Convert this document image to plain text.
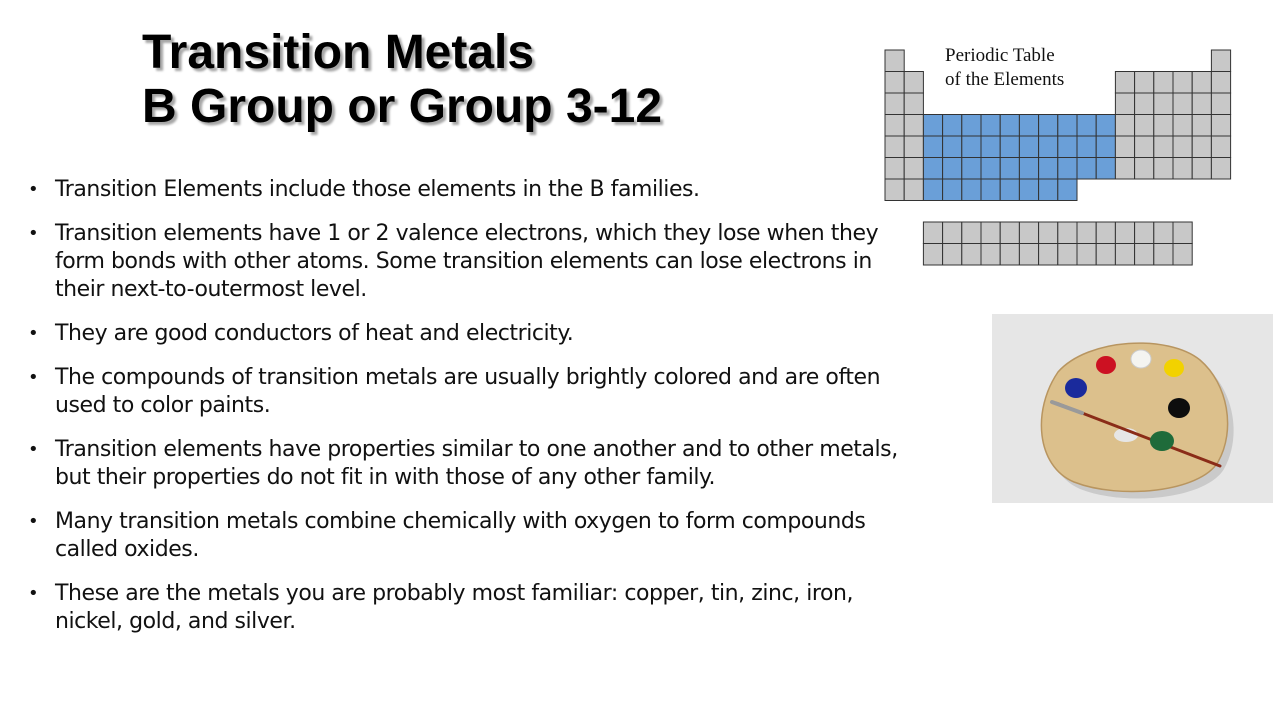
Transition Metals
B Group or Group 3-12
• Transition Elements include those elements in the B families.
• Transition elements have 1 or 2 valence electrons, which they lose when they form bonds with other atoms. Some transition elements can lose electrons in their next-to-outermost level.
• They are good conductors of heat and electricity.
• The compounds of transition metals are usually brightly colored and are often used to color paints.
• Transition elements have properties similar to one another and to other metals, but their properties do not fit in with those of any other family.
• Many transition metals combine chemically with oxygen to form compounds called oxides.
• These are the metals you are probably most familiar: copper, tin, zinc, iron, nickel, gold, and silver.

Periodic Table
of the Elements
